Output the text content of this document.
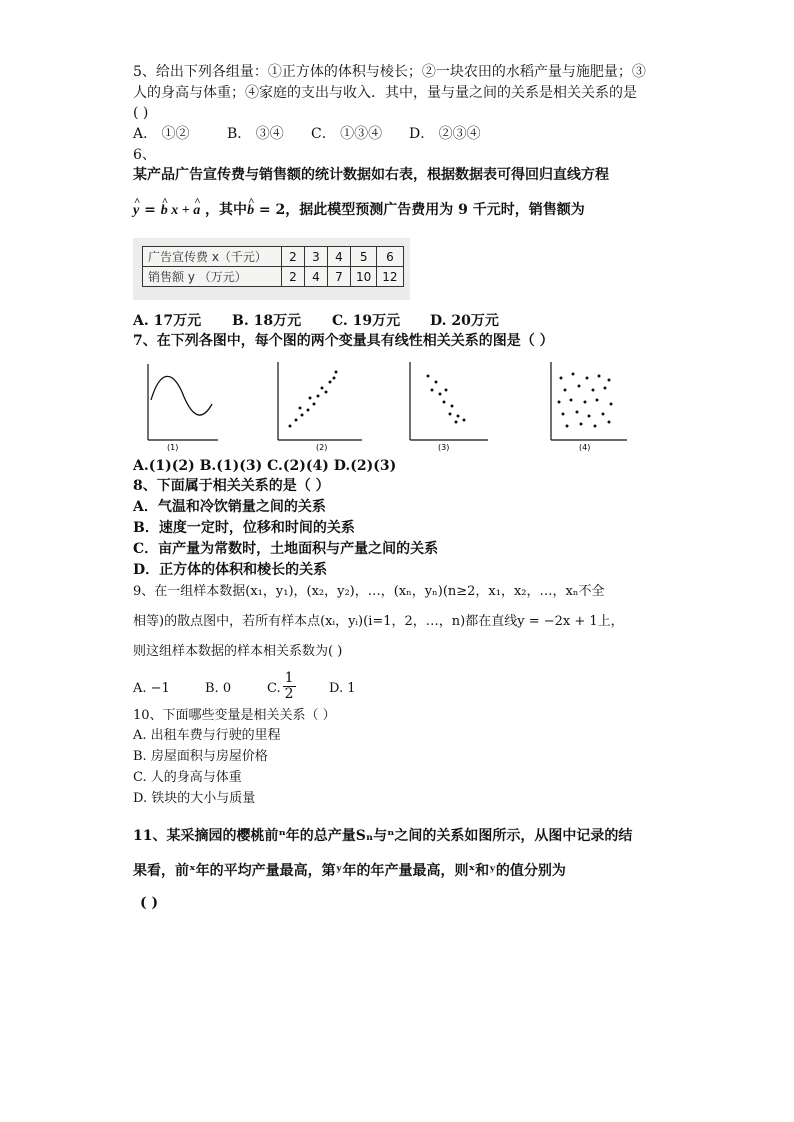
5、给出下列各组量：①正方体的体积与棱长；②一块农田的水稻产量与施肥量；③
人的身高与体重；④家庭的支出与收入．其中，量与量之间的关系是相关关系的是
( )
A． ①②	B． ③④ C． ①③④ D． ②③④
6、
某产品广告宣传费与销售额的统计数据如右表，根据数据表可得回归直线方程
^ y = ^ b x + ^ a ，其中^ b = 2，据此模型预测广告费用为 9 千元时，销售额为
广告宣传费 x（千元）	2	3	4	5	6
销售额 y （万元）	2	4	7	10	12
A. 17万元 B. 18万元 C. 19万元 D. 20万元
7、在下列各图中，每个图的两个变量具有线性相关关系的图是（ ）
(1)	(2)	(3)	(4)
A.(1)(2) B.(1)(3) C.(2)(4) D.(2)(3)
8、下面属于相关关系的是（ ）
A．气温和冷饮销量之间的关系
B．速度一定时，位移和时间的关系
C．亩产量为常数时，土地面积与产量之间的关系
D．正方体的体积和棱长的关系
9、在一组样本数据(x₁，y₁)，(x₂，y₂)，…，(xₙ，yₙ)(n≥2，x₁，x₂，…，xₙ不全
相等)的散点图中，若所有样本点(xᵢ，yᵢ)(i=1，2，…，n)都在直线y = −2x + 1上，
则这组样本数据的样本相关系数为( )
A. −1	B. 0	C. $\frac{1}{2}$	D. 1
10、下面哪些变量是相关关系（ ）
A. 出租车费与行驶的里程
B. 房屋面积与房屋价格
C. 人的身高与体重
D. 铁块的大小与质量
11、某采摘园的樱桃前ⁿ年的总产量Sₙ与ⁿ之间的关系如图所示，从图中记录的结
果看，前ˣ年的平均产量最高，第ʸ年的年产量最高，则ˣ和ʸ的值分别为
( )
